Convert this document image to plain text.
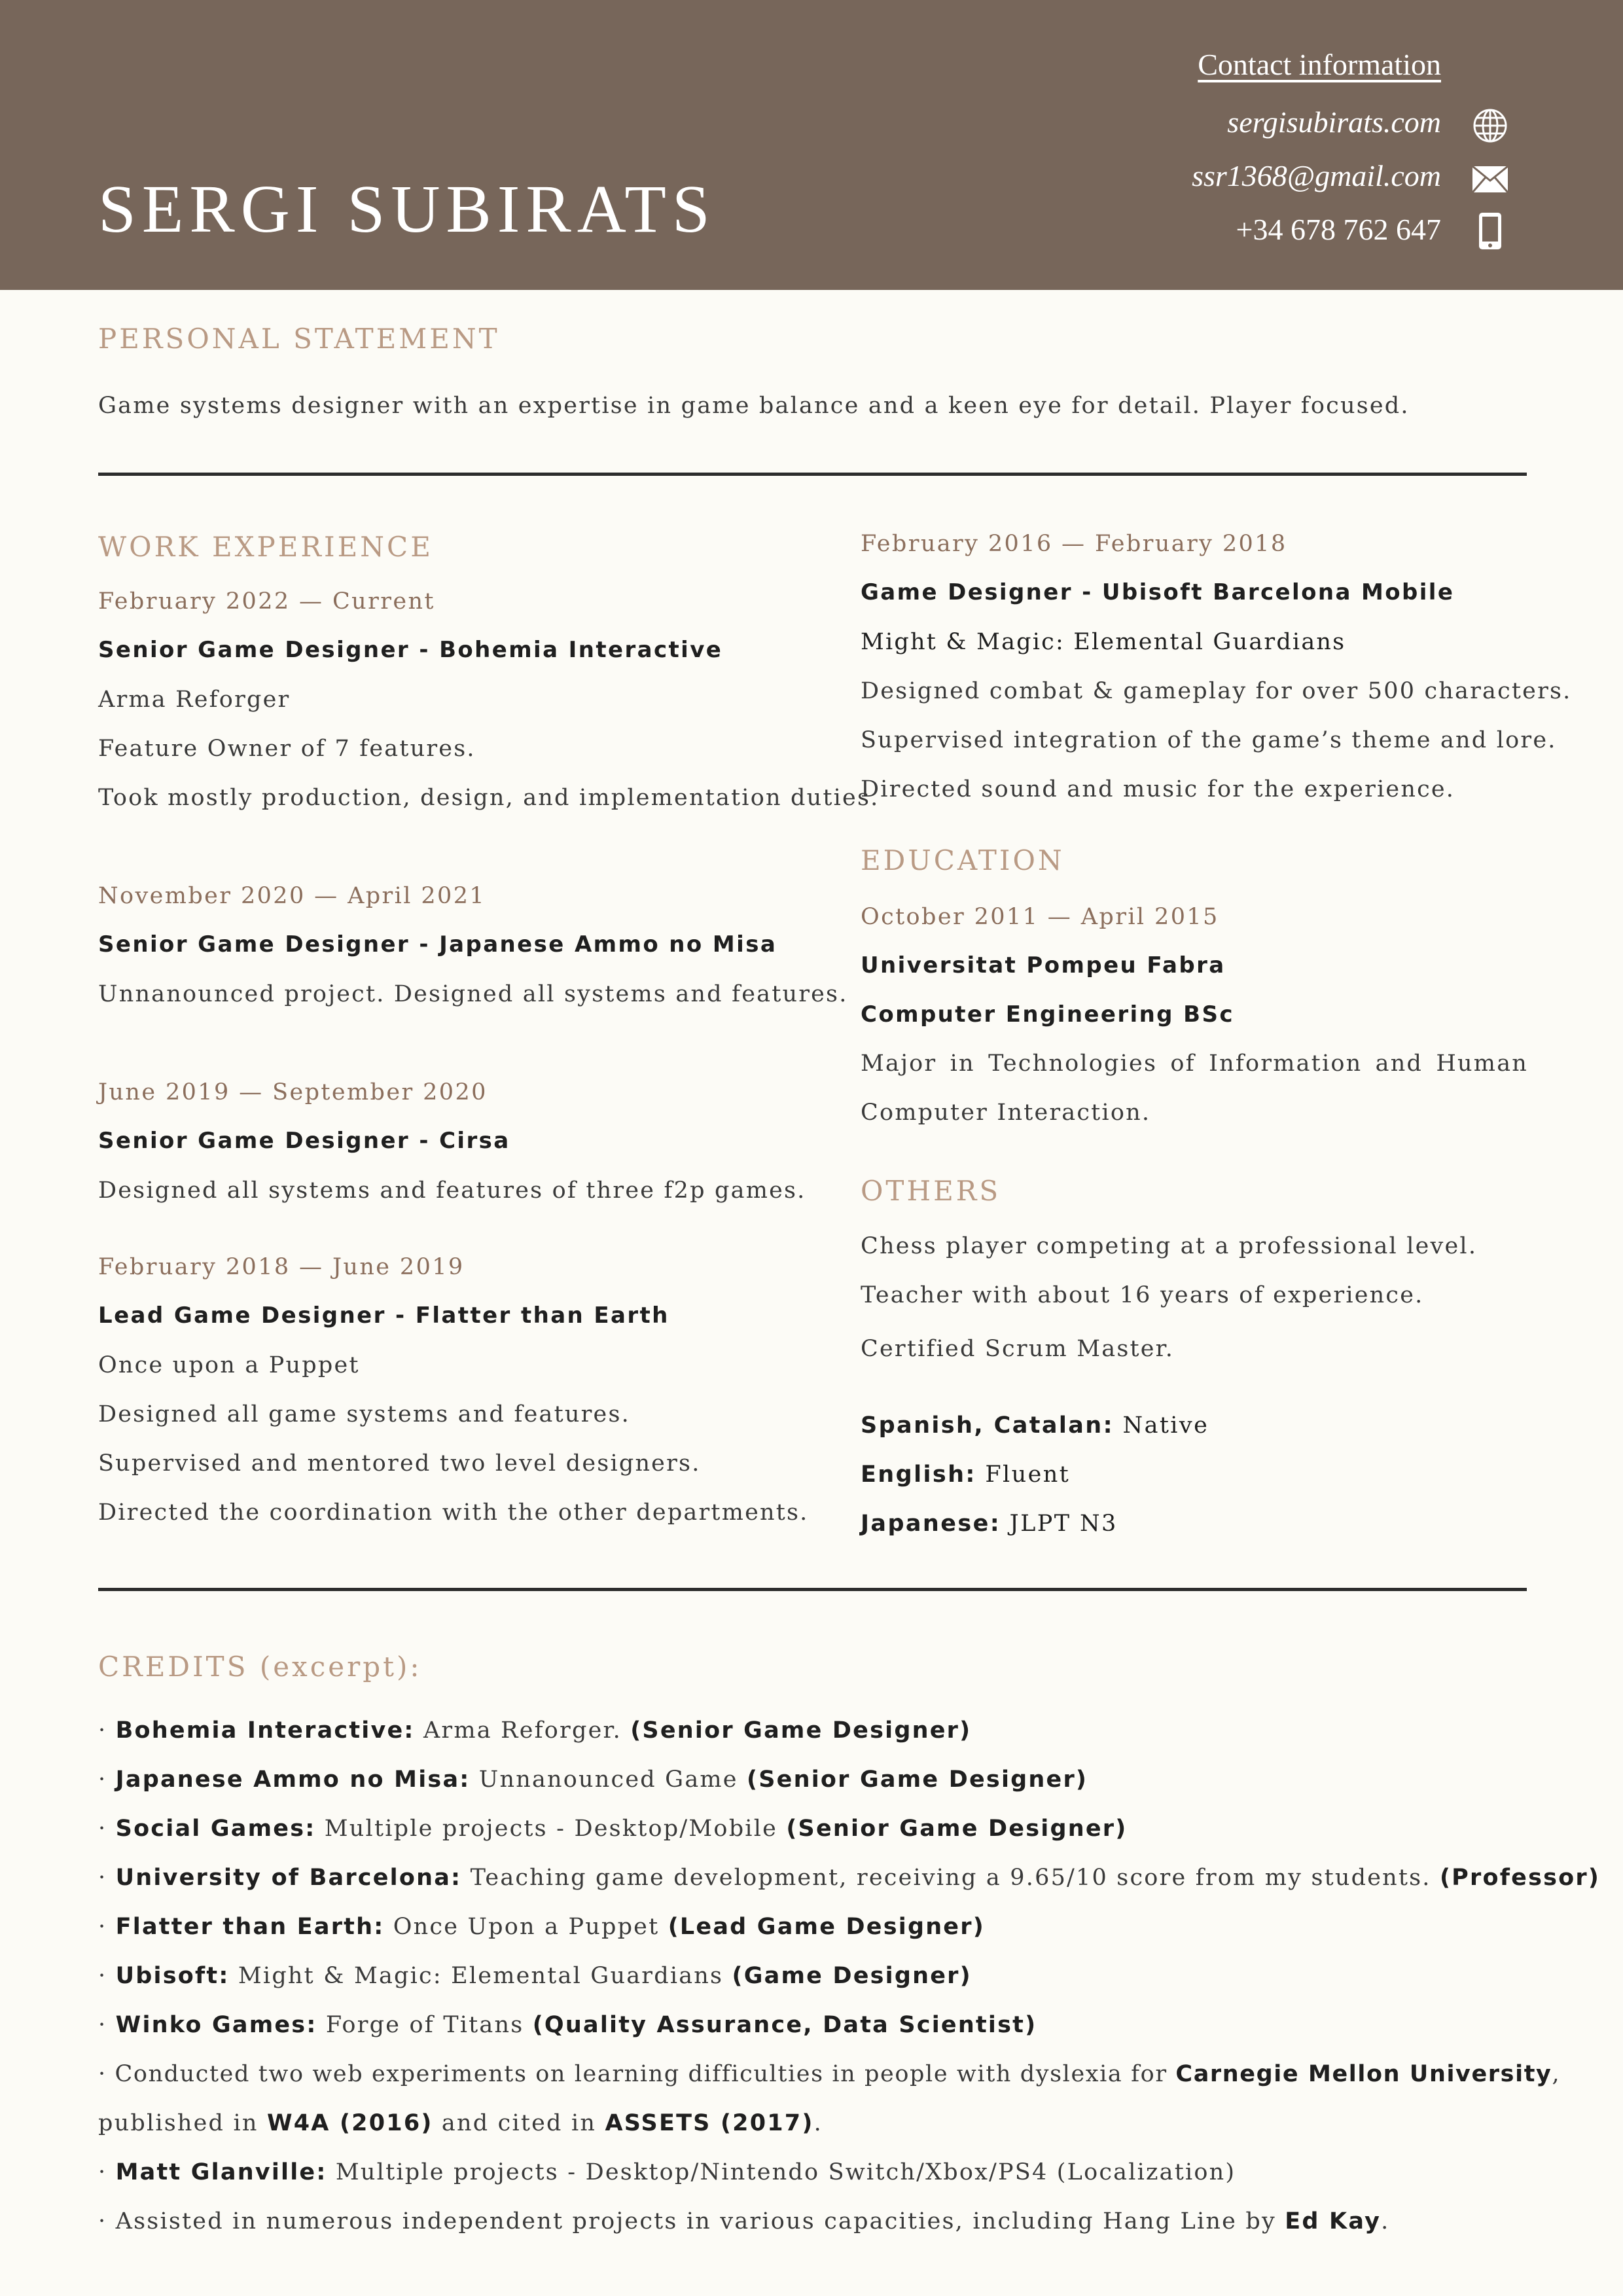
SERGI SUBIRATS
Contact information
sergisubirats.com
ssr1368@gmail.com
+34 678 762 647
PERSONAL STATEMENT
Game systems designer with an expertise in game balance and a keen eye for detail. Player focused.
WORK EXPERIENCE
February 2022 — Current
Senior Game Designer - Bohemia Interactive
Arma Reforger
Feature Owner of 7 features.
Took mostly production, design, and implementation duties.
November 2020 — April 2021
Senior Game Designer - Japanese Ammo no Misa
Unnanounced project. Designed all systems and features.
June 2019 — September 2020
Senior Game Designer - Cirsa
Designed all systems and features of three f2p games.
February 2018 — June 2019
Lead Game Designer - Flatter than Earth
Once upon a Puppet
Designed all game systems and features.
Supervised and mentored two level designers.
Directed the coordination with the other departments.
February 2016 — February 2018
Game Designer - Ubisoft Barcelona Mobile
Might & Magic: Elemental Guardians
Designed combat & gameplay for over 500 characters.
Supervised integration of the game’s theme and lore.
Directed sound and music for the experience.
EDUCATION
October 2011 — April 2015
Universitat Pompeu Fabra
Computer Engineering BSc
Major in Technologies of Information and Human Computer Interaction.
OTHERS
Chess player competing at a professional level.
Teacher with about 16 years of experience.
Certified Scrum Master.
Spanish, Catalan: Native
English: Fluent
Japanese: JLPT N3
CREDITS (excerpt):
· Bohemia Interactive: Arma Reforger. (Senior Game Designer)
· Japanese Ammo no Misa: Unnanounced Game (Senior Game Designer)
· Social Games: Multiple projects - Desktop/Mobile (Senior Game Designer)
· University of Barcelona: Teaching game development, receiving a 9.65/10 score from my students. (Professor)
· Flatter than Earth: Once Upon a Puppet (Lead Game Designer)
· Ubisoft: Might & Magic: Elemental Guardians (Game Designer)
· Winko Games: Forge of Titans (Quality Assurance, Data Scientist)
· Conducted two web experiments on learning difficulties in people with dyslexia for Carnegie Mellon University,
published in W4A (2016) and cited in ASSETS (2017).
· Matt Glanville: Multiple projects - Desktop/Nintendo Switch/Xbox/PS4 (Localization)
· Assisted in numerous independent projects in various capacities, including Hang Line by Ed Kay.
